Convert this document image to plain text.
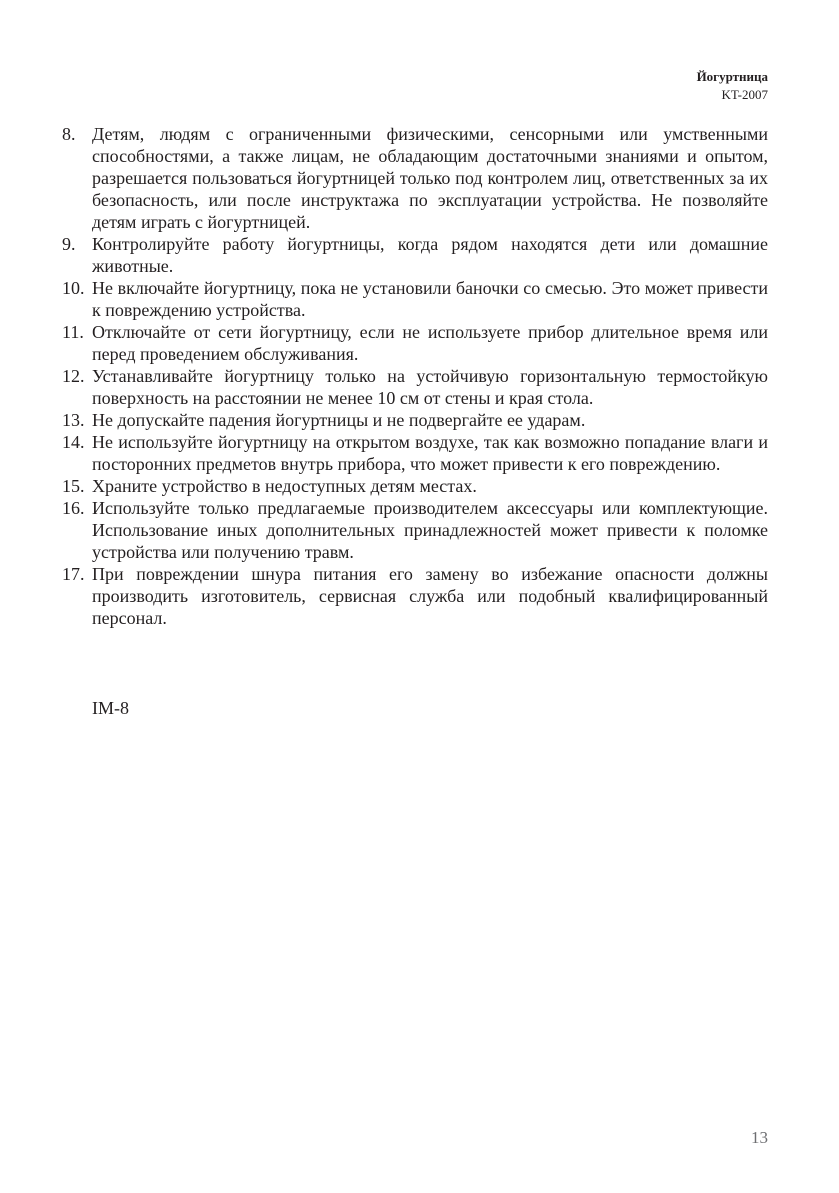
Йогуртница
KT-2007
8. Детям, людям с ограниченными физическими, сенсорными или умственными способностями, а также лицам, не обладающим достаточными знаниями и опытом, разрешается пользоваться йогуртницей только под контролем лиц, ответственных за их безопасность, или после инструктажа по эксплуатации устройства. Не позволяйте детям играть с йогуртницей.
9. Контролируйте работу йогуртницы, когда рядом находятся дети или домашние животные.
10. Не включайте йогуртницу, пока не установили баночки со смесью. Это может привести к повреждению устройства.
11. Отключайте от сети йогуртницу, если не используете прибор длительное время или перед проведением обслуживания.
12. Устанавливайте йогуртницу только на устойчивую горизонтальную термостойкую поверхность на расстоянии не менее 10 см от стены и края стола.
13. Не допускайте падения йогуртницы и не подвергайте ее ударам.
14. Не используйте йогуртницу на открытом воздухе, так как возможно попадание влаги и посторонних предметов внутрь прибора, что может привести к его повреждению.
15. Храните устройство в недоступных детям местах.
16. Используйте только предлагаемые производителем аксессуары или комплектующие. Использование иных дополнительных принадлежностей может привести к поломке устройства или получению травм.
17. При повреждении шнура питания его замену во избежание опасности должны производить изготовитель, сервисная служба или подобный квалифицированный персонал.
IM-8
13
